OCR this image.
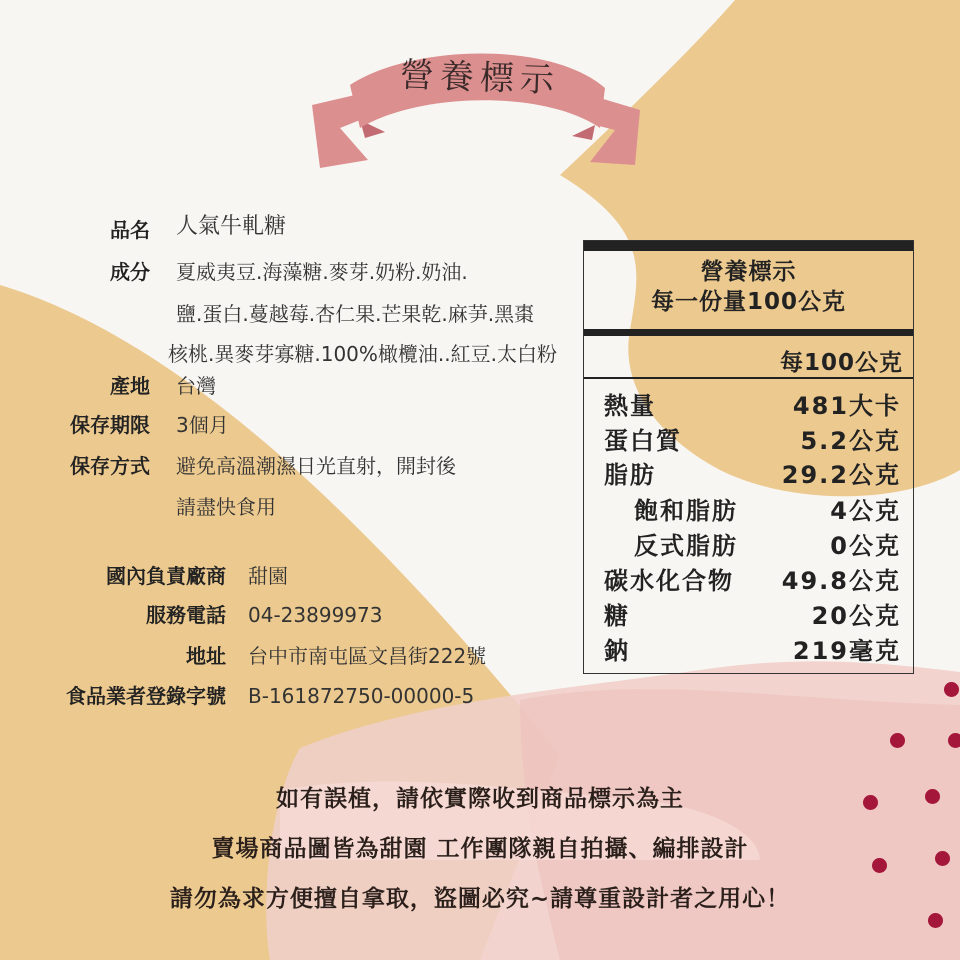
營養標示
品名 人氣牛軋糖
成分 夏威夷豆.海藻糖.麥芽.奶粉.奶油.
鹽.蛋白.蔓越莓.杏仁果.芒果乾.麻芛.黑棗
核桃.異麥芽寡糖.100%橄欖油..紅豆.太白粉
產地 台灣
保存期限 3個月
保存方式 避免高溫潮濕日光直射，開封後
請盡快食用
國內負責廠商 甜園
服務電話 04-23899973
地址 台中市南屯區文昌街222號
食品業者登錄字號 B-161872750-00000-5
營養標示
每一份量100公克
每100公克
熱量	481大卡
蛋白質	5.2公克
脂肪	29.2公克
飽和脂肪	4公克
反式脂肪	0公克
碳水化合物 49.8公克
糖	20公克
鈉	219毫克
如有誤植，請依實際收到商品標示為主
賣場商品圖皆為甜園 工作團隊親自拍攝、編排設計
請勿為求方便擅自拿取，盜圖必究~請尊重設計者之用心！
